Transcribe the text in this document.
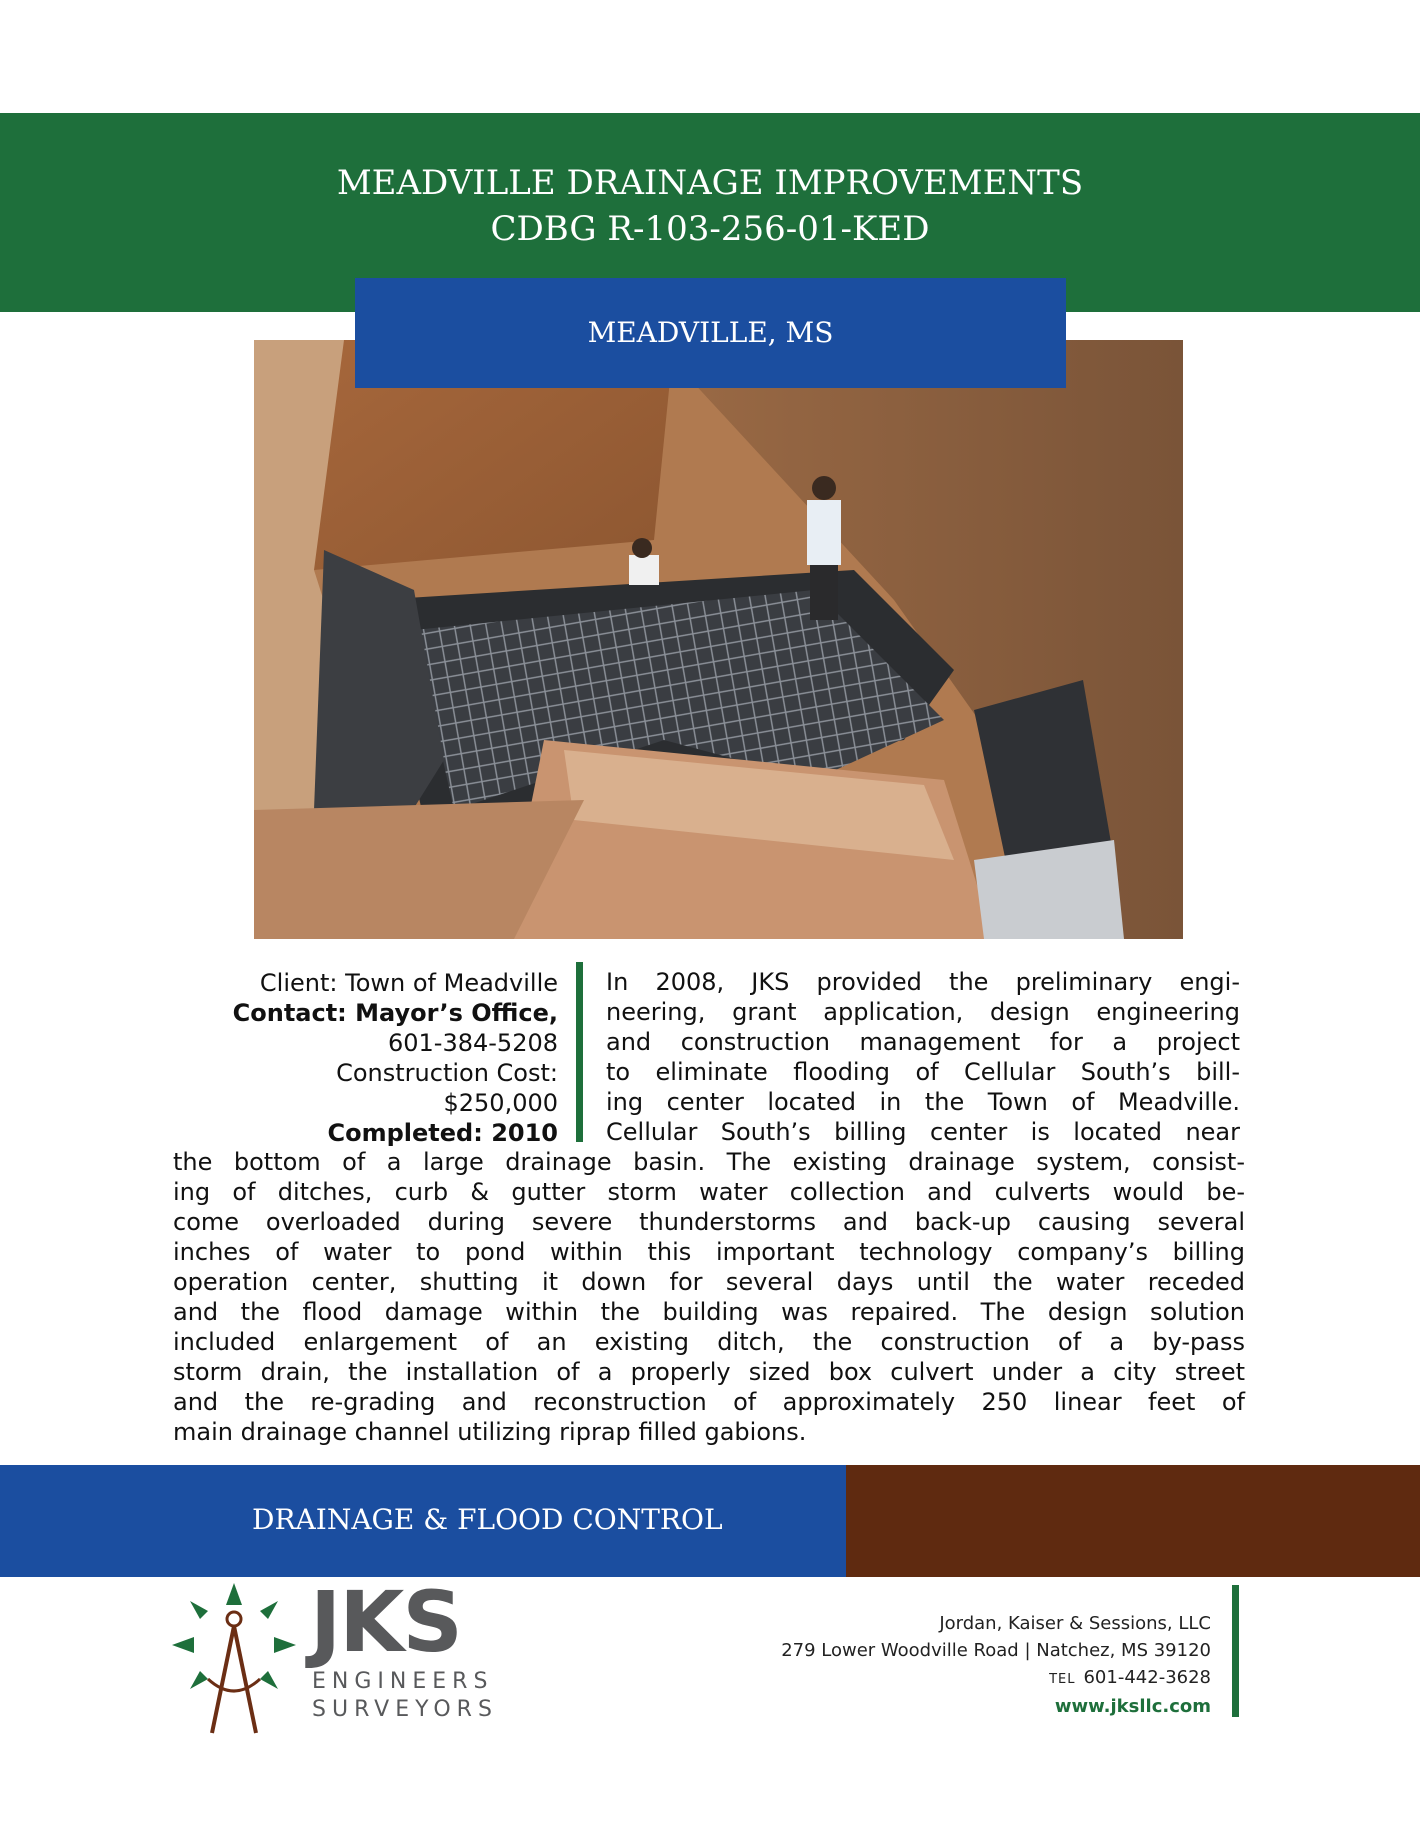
MEADVILLE DRAINAGE IMPROVEMENTS
CDBG R-103-256-01-KED
MEADVILLE, MS
Client: Town of Meadville
Contact: Mayor’s Office,
601-384-5208
Construction Cost:
$250,000
Completed: 2010
In 2008, JKS provided the preliminary engi-
neering, grant application, design engineering
and construction management for a project
to eliminate flooding of Cellular South’s bill-
ing center located in the Town of Meadville.
Cellular South’s billing center is located near
the bottom of a large drainage basin. The existing drainage system, consist-
ing of ditches, curb & gutter storm water collection and culverts would be-
come overloaded during severe thunderstorms and back-up causing several
inches of water to pond within this important technology company’s billing
operation center, shutting it down for several days until the water receded
and the flood damage within the building was repaired. The design solution
included enlargement of an existing ditch, the construction of a by-pass
storm drain, the installation of a properly sized box culvert under a city street
and the re-grading and reconstruction of approximately 250 linear feet of
main drainage channel utilizing riprap filled gabions.
DRAINAGE & FLOOD CONTROL
JKS
ENGINEERS
SURVEYORS
Jordan, Kaiser & Sessions, LLC
279 Lower Woodville Road | Natchez, MS 39120
TEL 601-442-3628
www.jksllc.com
